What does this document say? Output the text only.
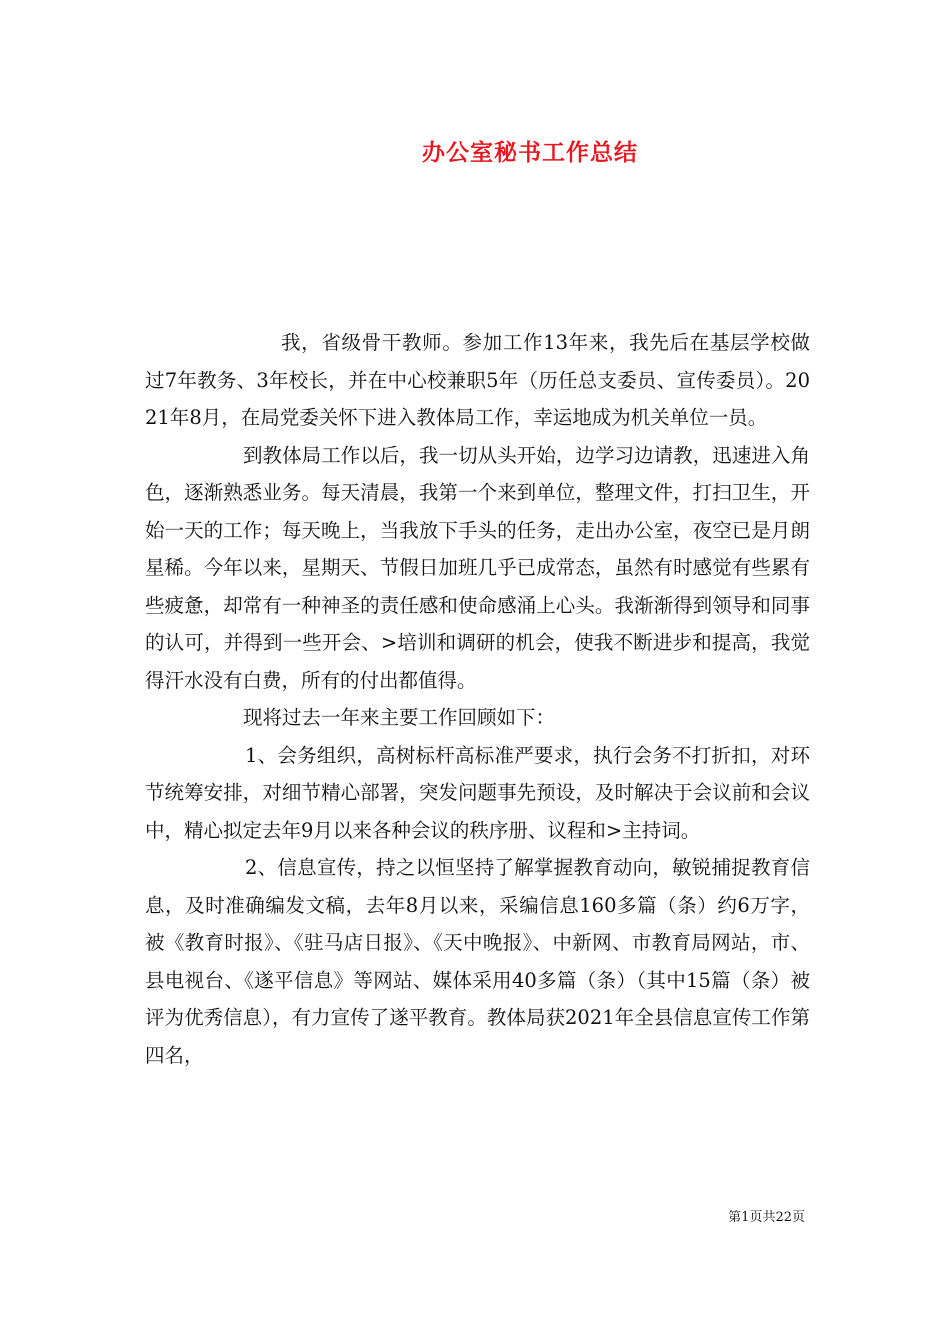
办公室秘书工作总结

我，省级骨干教师。参加工作13年来，我先后在基层学校做过7年教务、3年校长，并在中心校兼职5年（历任总支委员、宣传委员）。2021年8月，在局党委关怀下进入教体局工作，幸运地成为机关单位一员。

到教体局工作以后，我一切从头开始，边学习边请教，迅速进入角色，逐渐熟悉业务。每天清晨，我第一个来到单位，整理文件，打扫卫生，开始一天的工作；每天晚上，当我放下手头的任务，走出办公室，夜空已是月朗星稀。今年以来，星期天、节假日加班几乎已成常态，虽然有时感觉有些累有些疲惫，却常有一种神圣的责任感和使命感涌上心头。我渐渐得到领导和同事的认可，并得到一些开会、>培训和调研的机会，使我不断进步和提高，我觉得汗水没有白费，所有的付出都值得。

现将过去一年来主要工作回顾如下：

1、会务组织，高树标杆高标准严要求，执行会务不打折扣，对环节统筹安排，对细节精心部署，突发问题事先预设，及时解决于会议前和会议中，精心拟定去年9月以来各种会议的秩序册、议程和>主持词。

2、信息宣传，持之以恒坚持了解掌握教育动向，敏锐捕捉教育信息，及时准确编发文稿，去年8月以来，采编信息160多篇（条）约6万字，被《教育时报》、《驻马店日报》、《天中晚报》、中新网、市教育局网站，市、县电视台、《遂平信息》等网站、媒体采用40多篇（条）（其中15篇（条）被评为优秀信息），有力宣传了遂平教育。教体局获2021年全县信息宣传工作第四名，

第1页共22页
